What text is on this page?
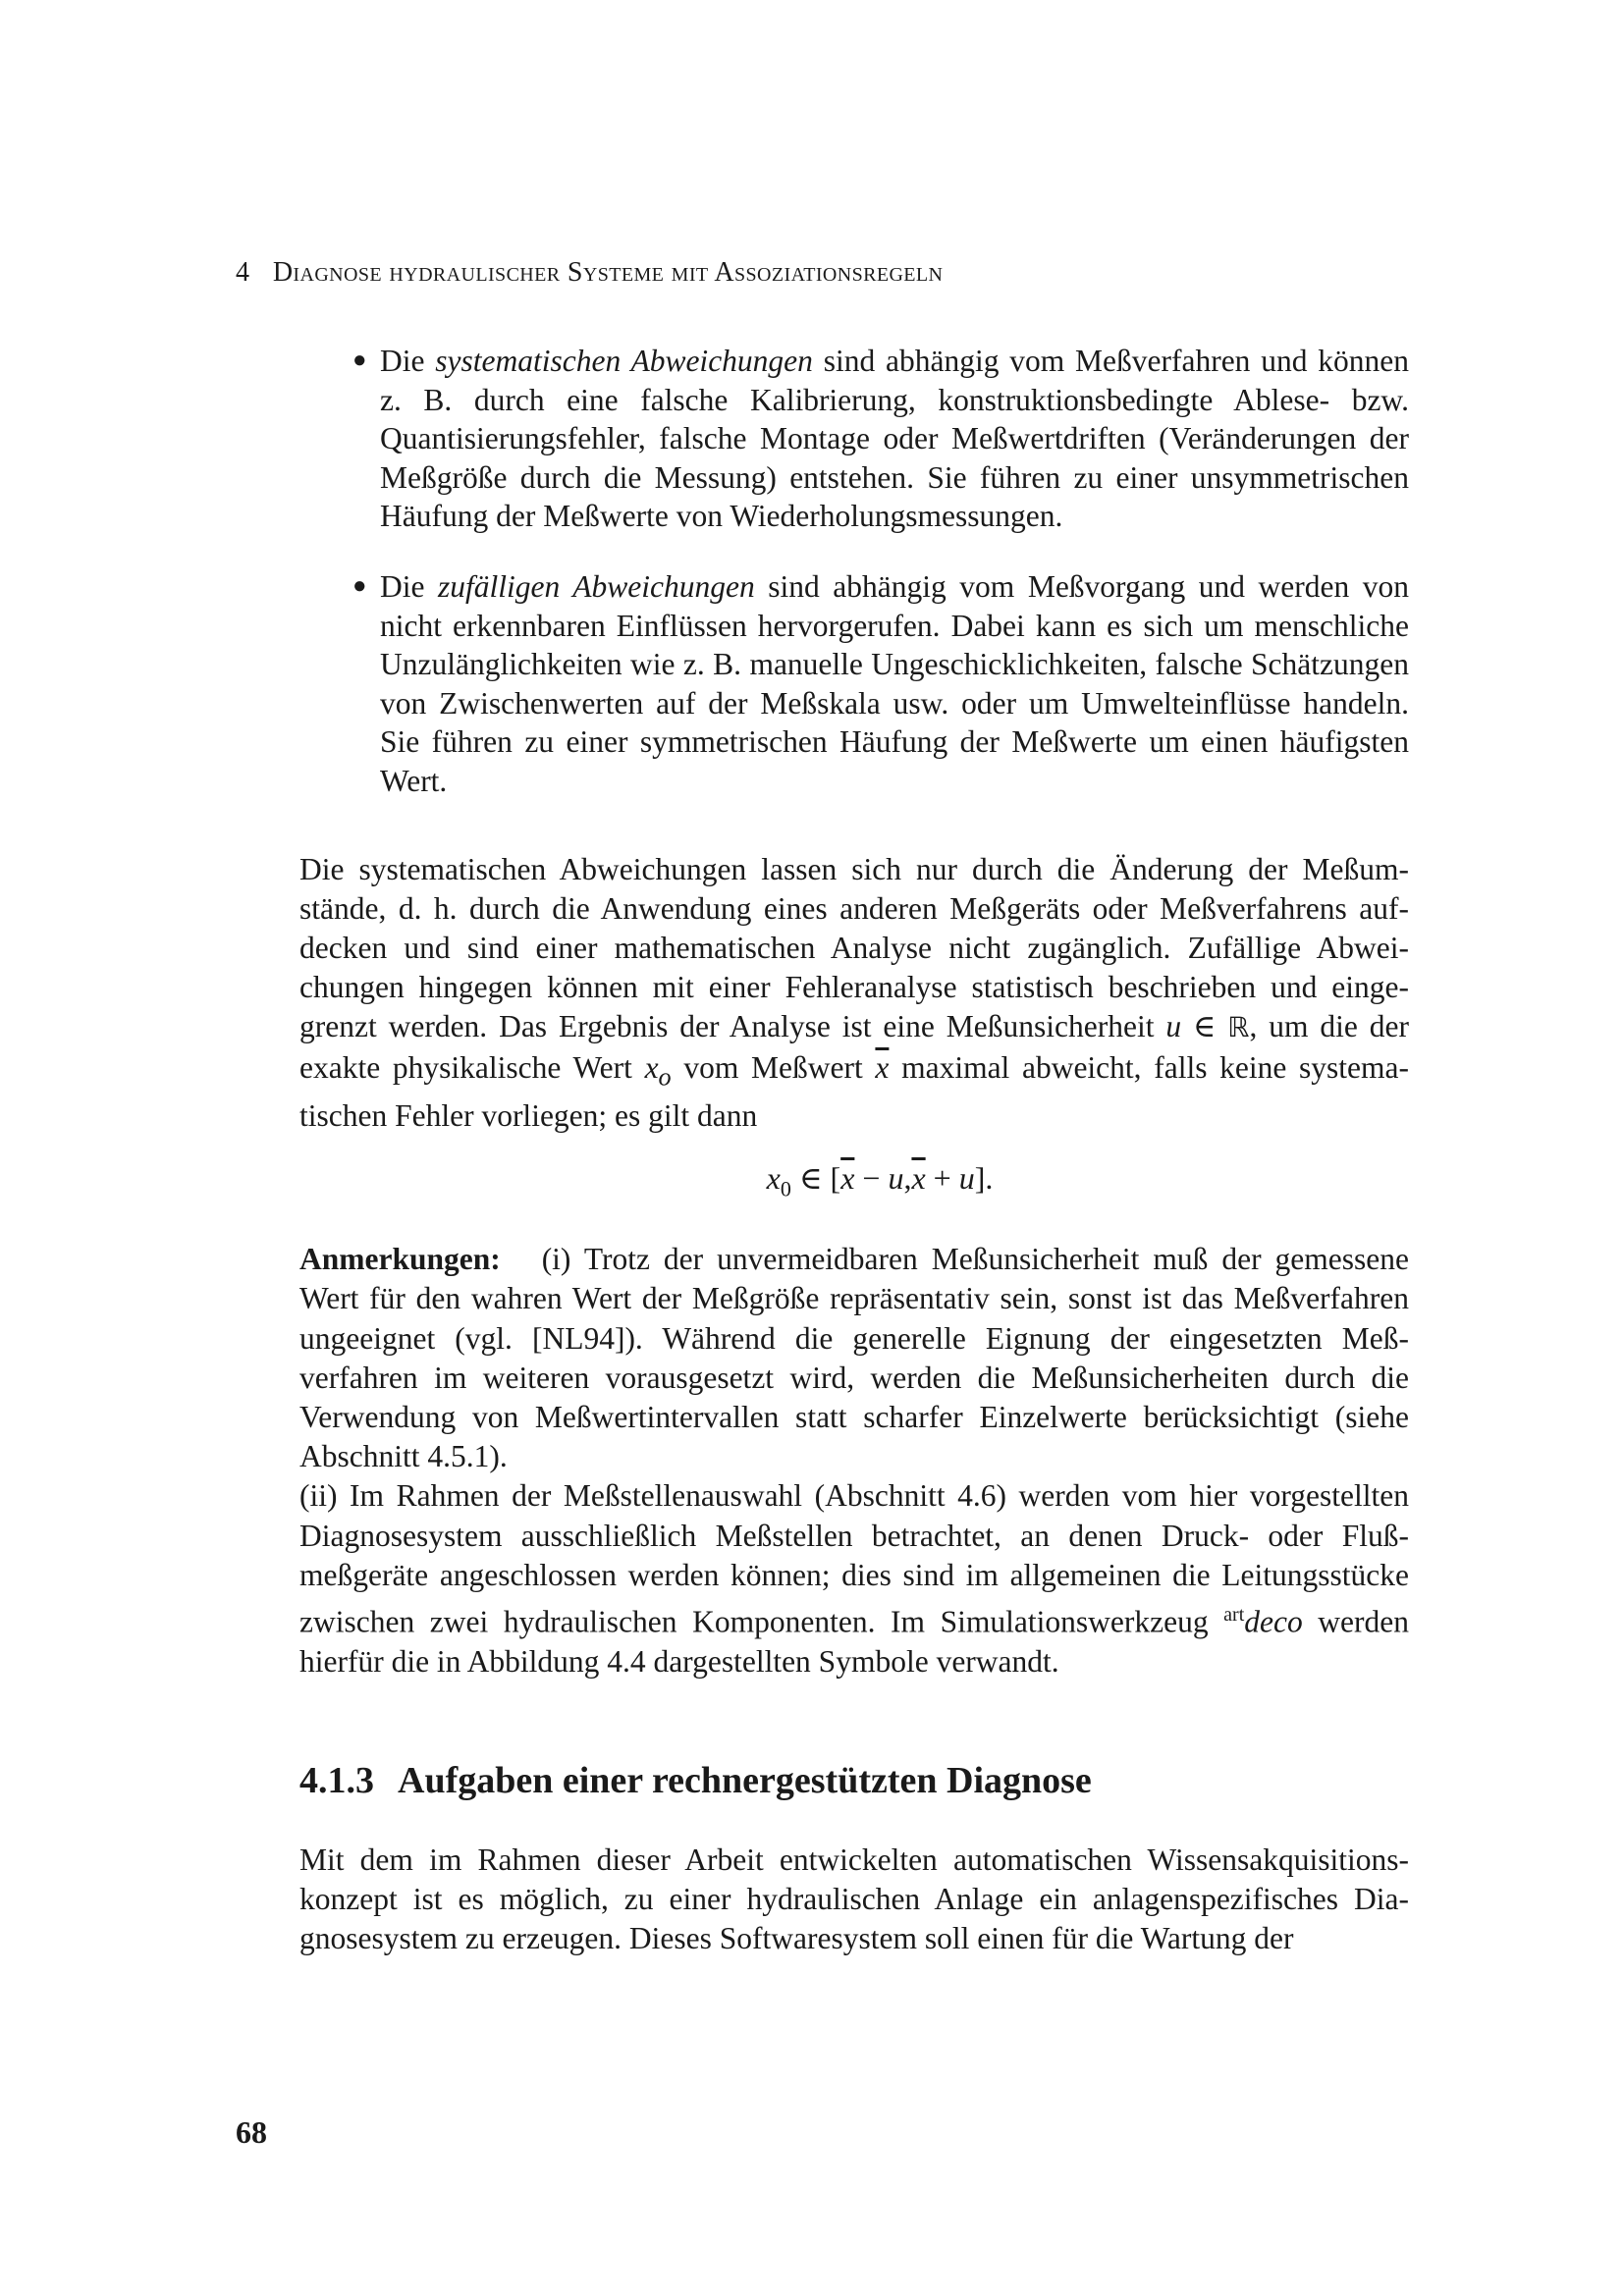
4 Diagnose hydraulischer Systeme mit Assoziationsregeln
● Die systematischen Abweichungen sind abhängig vom Meßverfahren und können z. B. durch eine falsche Kalibrierung, konstruktionsbedingte Ablese- bzw. Quantisierungsfehler, falsche Montage oder Meßwertdriften (Veränderungen der Meßgröße durch die Messung) entstehen. Sie führen zu einer unsymmetrischen Häufung der Meßwerte von Wiederholungsmessungen.
● Die zufälligen Abweichungen sind abhängig vom Meßvorgang und werden von nicht erkennbaren Einflüssen hervorgerufen. Dabei kann es sich um menschliche Unzulänglichkeiten wie z. B. manuelle Ungeschicklichkeiten, falsche Schätzungen von Zwischenwerten auf der Meßskala usw. oder um Umwelteinflüsse handeln. Sie führen zu einer symmetrischen Häufung der Meßwerte um einen häufigsten Wert.

Die systematischen Abweichungen lassen sich nur durch die Änderung der Meßumstände, d. h. durch die Anwendung eines anderen Meßgeräts oder Meßverfahrens aufdecken und sind einer mathematischen Analyse nicht zugänglich. Zufällige Abweichungen hingegen können mit einer Fehleranalyse statistisch beschrieben und eingegrenzt werden. Das Ergebnis der Analyse ist eine Meßunsicherheit u ∈ ℝ, um die der exakte physikalische Wert $x_o$ vom Meßwert $\overline{x}$ maximal abweicht, falls keine systematischen Fehler vorliegen; es gilt dann

$x_0$ ∈ $[\overline{x} - u,\overline{x} + u]$.

Anmerkungen: (i) Trotz der unvermeidbaren Meßunsicherheit muß der gemessene Wert für den wahren Wert der Meßgröße repräsentativ sein, sonst ist das Meßverfahren ungeeignet (vgl. [NL94]). Während die generelle Eignung der eingesetzten Meßverfahren im weiteren vorausgesetzt wird, werden die Meßunsicherheiten durch die Verwendung von Meßwertintervallen statt scharfer Einzelwerte berücksichtigt (siehe Abschnitt 4.5.1).

(ii) Im Rahmen der Meßstellenauswahl (Abschnitt 4.6) werden vom hier vorgestellten Diagnosesystem ausschließlich Meßstellen betrachtet, an denen Druck- oder Flußmeßgeräte angeschlossen werden können; dies sind im allgemeinen die Leitungsstücke zwischen zwei hydraulischen Komponenten. Im Simulationswerkzeug $^{art}$deco werden hierfür die in Abbildung 4.4 dargestellten Symbole verwandt.

4.1.3 Aufgaben einer rechnergestützten Diagnose

Mit dem im Rahmen dieser Arbeit entwickelten automatischen Wissensakquisitionskonzept ist es möglich, zu einer hydraulischen Anlage ein anlagenspezifisches Diagnosesystem zu erzeugen. Dieses Softwaresystem soll einen für die Wartung der

68
